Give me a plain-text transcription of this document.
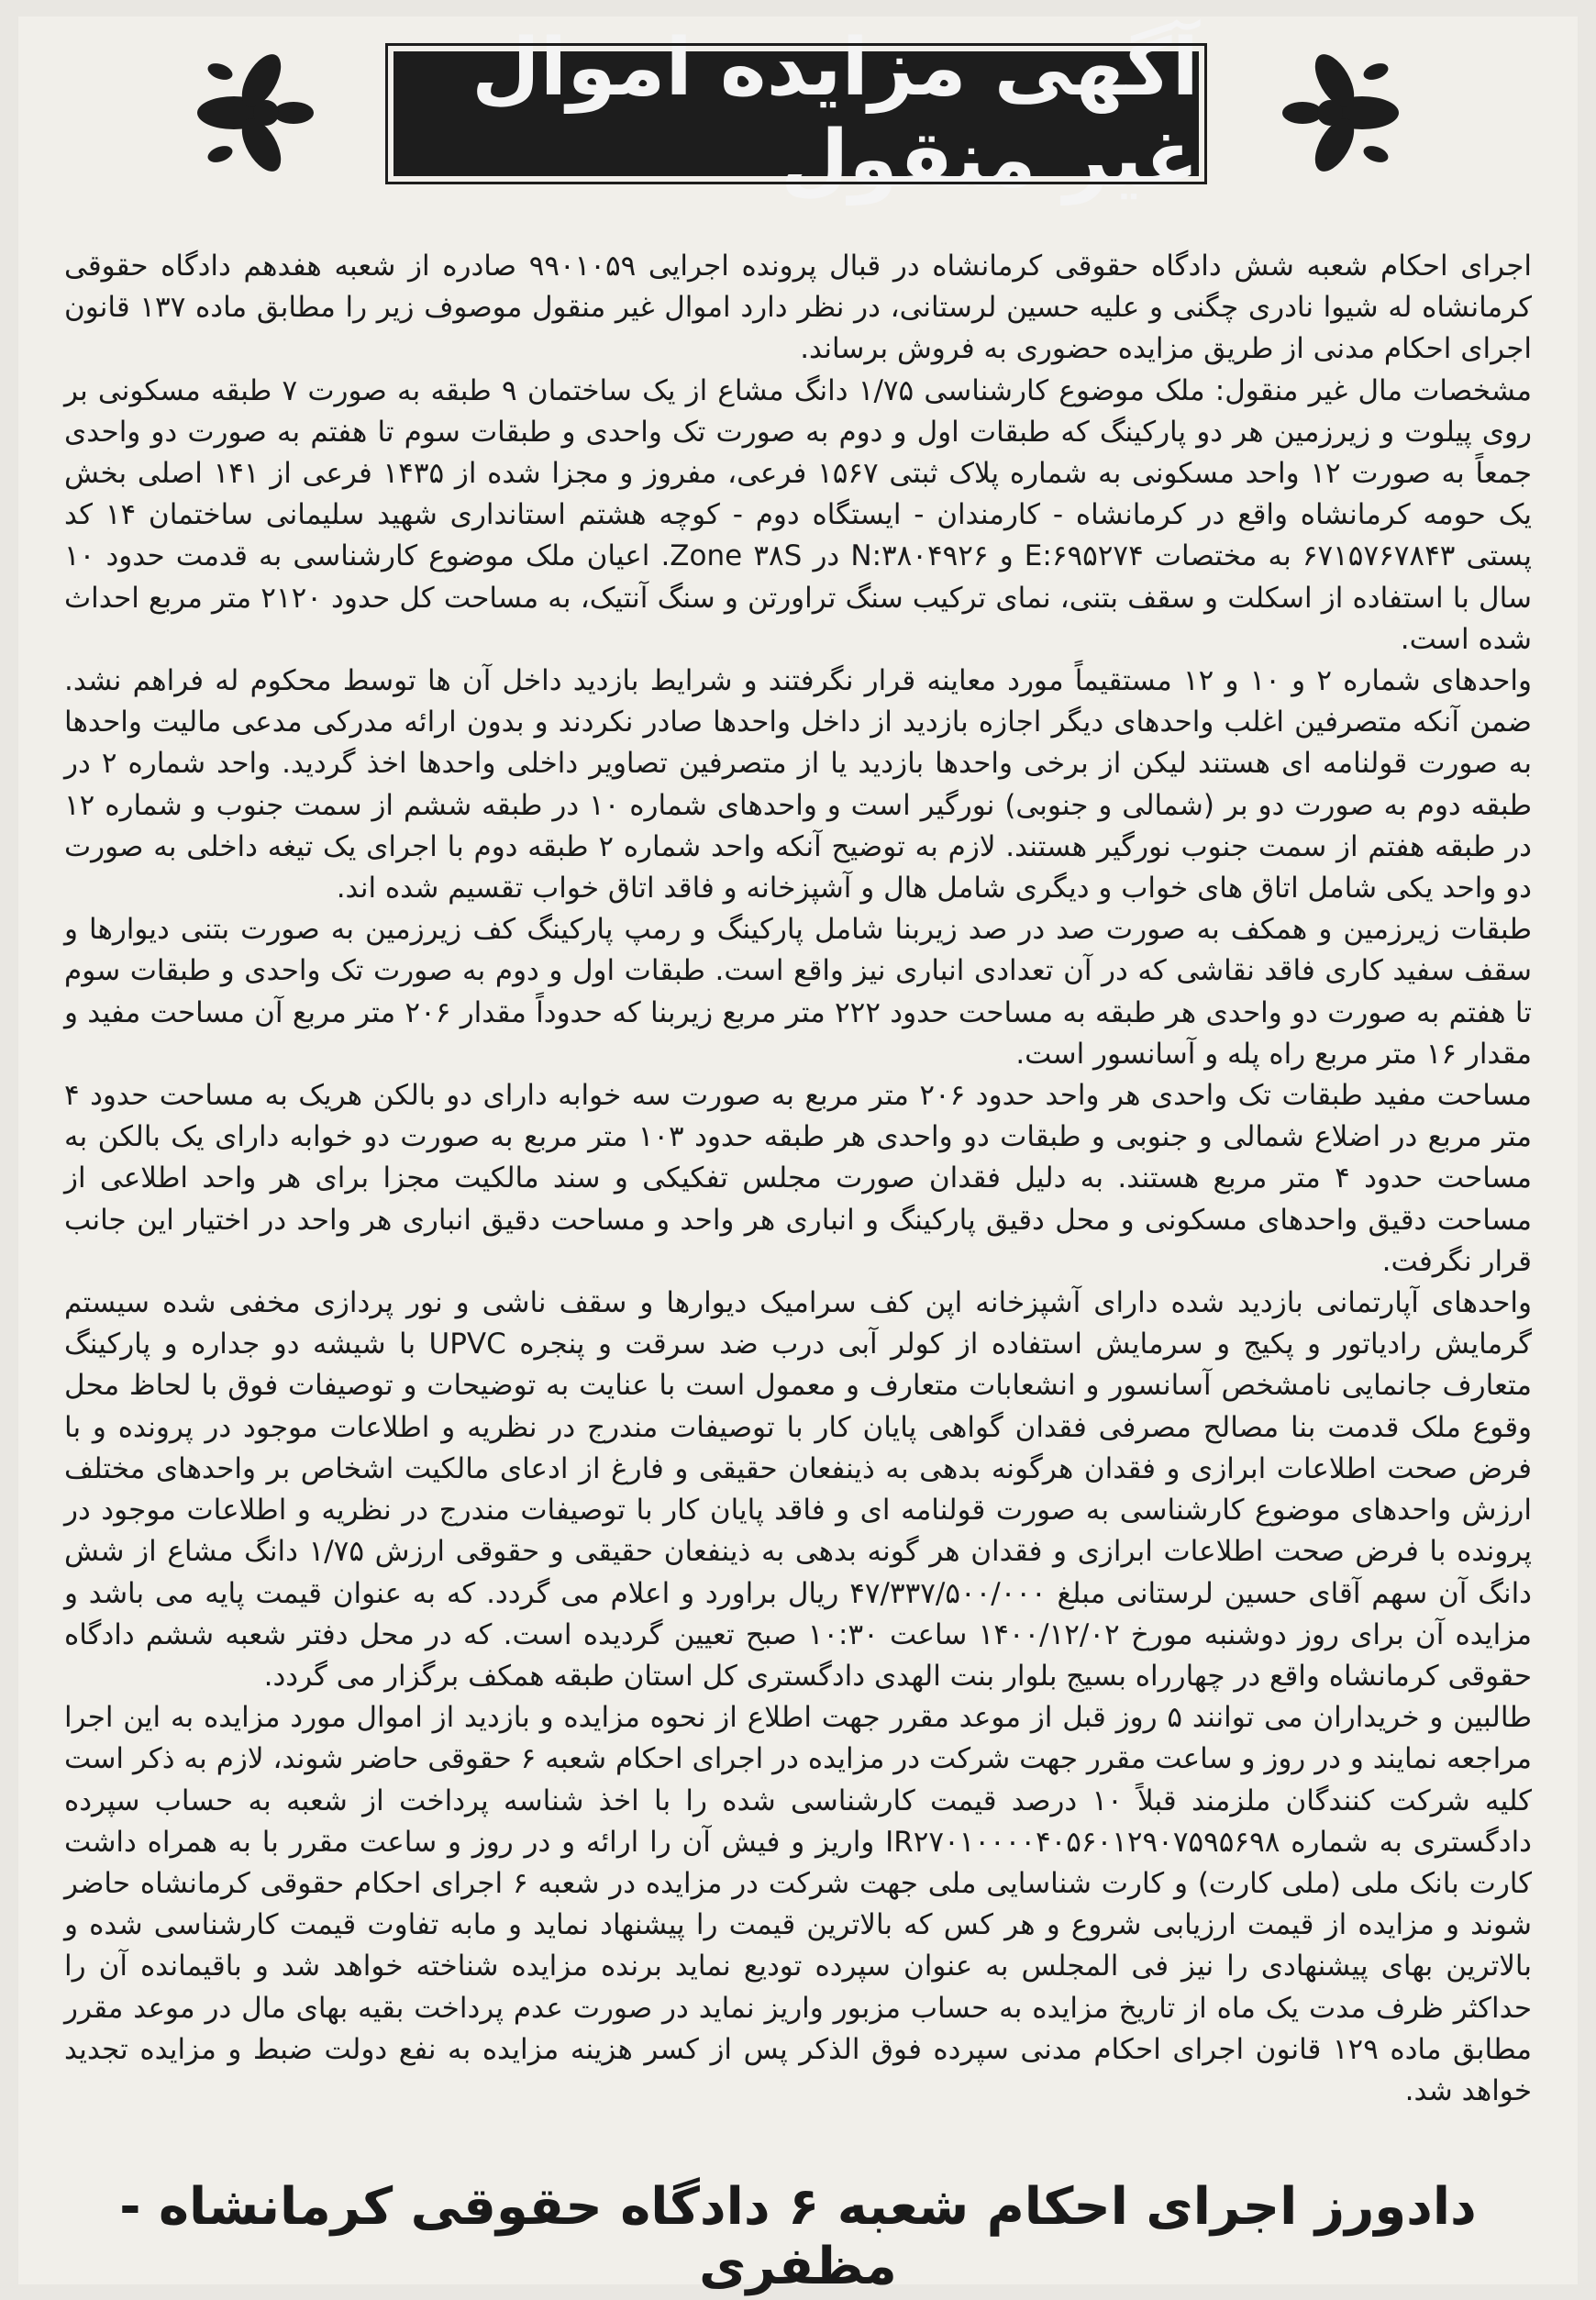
آگهی مزایده اموال غیر منقول

اجرای احکام شعبه شش دادگاه حقوقی کرمانشاه در قبال پرونده اجرایی ۹۹۰۱۰۵۹ صادره از شعبه هفدهم دادگاه حقوقی کرمانشاه له شیوا نادری چگنی و علیه حسین لرستانی، در نظر دارد اموال غیر منقول موصوف زیر را مطابق ماده ۱۳۷ قانون اجرای احکام مدنی از طریق مزایده حضوری به فروش برساند.

مشخصات مال غیر منقول: ملک موضوع کارشناسی ۱/۷۵ دانگ مشاع از یک ساختمان ۹ طبقه به صورت ۷ طبقه مسکونی بر روی پیلوت و زیرزمین هر دو پارکینگ که طبقات اول و دوم به صورت تک واحدی و طبقات سوم تا هفتم به صورت دو واحدی جمعاً به صورت ۱۲ واحد مسکونی به شماره پلاک ثبتی ۱۵۶۷ فرعی، مفروز و مجزا شده از ۱۴۳۵ فرعی از ۱۴۱ اصلی بخش یک حومه کرمانشاه واقع در کرمانشاه - کارمندان - ایستگاه دوم - کوچه هشتم استانداری شهید سلیمانی ساختمان ۱۴ کد پستی ۶۷۱۵۷۶۷۸۴۳ به مختصات E:۶۹۵۲۷۴ و N:۳۸۰۴۹۲۶ در Zone ۳۸S. اعیان ملک موضوع کارشناسی به قدمت حدود ۱۰ سال با استفاده از اسکلت و سقف بتنی، نمای ترکیب سنگ تراورتن و سنگ آنتیک، به مساحت کل حدود ۲۱۲۰ متر مربع احداث شده است.

واحدهای شماره ۲ و ۱۰ و ۱۲ مستقیماً مورد معاینه قرار نگرفتند و شرایط بازدید داخل آن ها توسط محکوم له فراهم نشد. ضمن آنکه متصرفین اغلب واحدهای دیگر اجازه بازدید از داخل واحدها صادر نکردند و بدون ارائه مدرکی مدعی مالیت واحدها به صورت قولنامه ای هستند لیکن از برخی واحدها بازدید یا از متصرفین تصاویر داخلی واحدها اخذ گردید. واحد شماره ۲ در طبقه دوم به صورت دو بر (شمالی و جنوبی) نورگیر است و واحدهای شماره ۱۰ در طبقه ششم از سمت جنوب و شماره ۱۲ در طبقه هفتم از سمت جنوب نورگیر هستند. لازم به توضیح آنکه واحد شماره ۲ طبقه دوم با اجرای یک تیغه داخلی به صورت دو واحد یکی شامل اتاق های خواب و دیگری شامل هال و آشپزخانه و فاقد اتاق خواب تقسیم شده اند.

طبقات زیرزمین و همکف به صورت صد در صد زیربنا شامل پارکینگ و رمپ پارکینگ کف زیرزمین به صورت بتنی دیوارها و سقف سفید کاری فاقد نقاشی که در آن تعدادی انباری نیز واقع است. طبقات اول و دوم به صورت تک واحدی و طبقات سوم تا هفتم به صورت دو واحدی هر طبقه به مساحت حدود ۲۲۲ متر مربع زیربنا که حدوداً مقدار ۲۰۶ متر مربع آن مساحت مفید و مقدار ۱۶ متر مربع راه پله و آسانسور است.

مساحت مفید طبقات تک واحدی هر واحد حدود ۲۰۶ متر مربع به صورت سه خوابه دارای دو بالکن هریک به مساحت حدود ۴ متر مربع در اضلاع شمالی و جنوبی و طبقات دو واحدی هر طبقه حدود ۱۰۳ متر مربع به صورت دو خوابه دارای یک بالکن به مساحت حدود ۴ متر مربع هستند. به دلیل فقدان صورت مجلس تفکیکی و سند مالکیت مجزا برای هر واحد اطلاعی از مساحت دقیق واحدهای مسکونی و محل دقیق پارکینگ و انباری هر واحد و مساحت دقیق انباری هر واحد در اختیار این جانب قرار نگرفت.

واحدهای آپارتمانی بازدید شده دارای آشپزخانه اپن کف سرامیک دیوارها و سقف ناشی و نور پردازی مخفی شده سیستم گرمایش رادیاتور و پکیج و سرمایش استفاده از کولر آبی درب ضد سرقت و پنجره UPVC با شیشه دو جداره و پارکینگ متعارف جانمایی نامشخص آسانسور و انشعابات متعارف و معمول است با عنایت به توضیحات و توصیفات فوق با لحاظ محل وقوع ملک قدمت بنا مصالح مصرفی فقدان گواهی پایان کار با توصیفات مندرج در نظریه و اطلاعات موجود در پرونده و با فرض صحت اطلاعات ابرازی و فقدان هرگونه بدهی به ذینفعان حقیقی و فارغ از ادعای مالکیت اشخاص بر واحدهای مختلف ارزش واحدهای موضوع کارشناسی به صورت قولنامه ای و فاقد پایان کار با توصیفات مندرج در نظریه و اطلاعات موجود در پرونده با فرض صحت اطلاعات ابرازی و فقدان هر گونه بدهی به ذینفعان حقیقی و حقوقی ارزش ۱/۷۵ دانگ مشاع از شش دانگ آن سهم آقای حسین لرستانی مبلغ ۴۷/۳۳۷/۵۰۰/۰۰۰ ریال براورد و اعلام می گردد. که به عنوان قیمت پایه می باشد و مزایده آن برای روز دوشنبه مورخ ۱۴۰۰/۱۲/۰۲ ساعت ۱۰:۳۰ صبح تعیین گردیده است. که در محل دفتر شعبه ششم دادگاه حقوقی کرمانشاه واقع در چهارراه بسیج بلوار بنت الهدی دادگستری کل استان طبقه همکف برگزار می گردد.

طالبین و خریداران می توانند ۵ روز قبل از موعد مقرر جهت اطلاع از نحوه مزایده و بازدید از اموال مورد مزایده به این اجرا مراجعه نمایند و در روز و ساعت مقرر جهت شرکت در مزایده در اجرای احکام شعبه ۶ حقوقی حاضر شوند، لازم به ذکر است کلیه شرکت کنندگان ملزمند قبلاً ۱۰ درصد قیمت کارشناسی شده را با اخذ شناسه پرداخت از شعبه به حساب سپرده دادگستری به شماره IR۲۷۰۱۰۰۰۰۴۰۵۶۰۱۲۹۰۷۵۹۵۶۹۸ واریز و فیش آن را ارائه و در روز و ساعت مقرر با به همراه داشت کارت بانک ملی (ملی کارت) و کارت شناسایی ملی جهت شرکت در مزایده در شعبه ۶ اجرای احکام حقوقی کرمانشاه حاضر شوند و مزایده از قیمت ارزیابی شروع و هر کس که بالاترین قیمت را پیشنهاد نماید و مابه تفاوت قیمت کارشناسی شده و بالاترین بهای پیشنهادی را نیز فی المجلس به عنوان سپرده تودیع نماید برنده مزایده شناخته خواهد شد و باقیمانده آن را حداکثر ظرف مدت یک ماه از تاریخ مزایده به حساب مزبور واریز نماید در صورت عدم پرداخت بقیه بهای مال در موعد مقرر مطابق ماده ۱۲۹ قانون اجرای احکام مدنی سپرده فوق الذکر پس از کسر هزینه مزایده به نفع دولت ضبط و مزایده تجدید خواهد شد.

دادورز اجرای احکام شعبه ۶ دادگاه حقوقی کرمانشاه - مظفری
